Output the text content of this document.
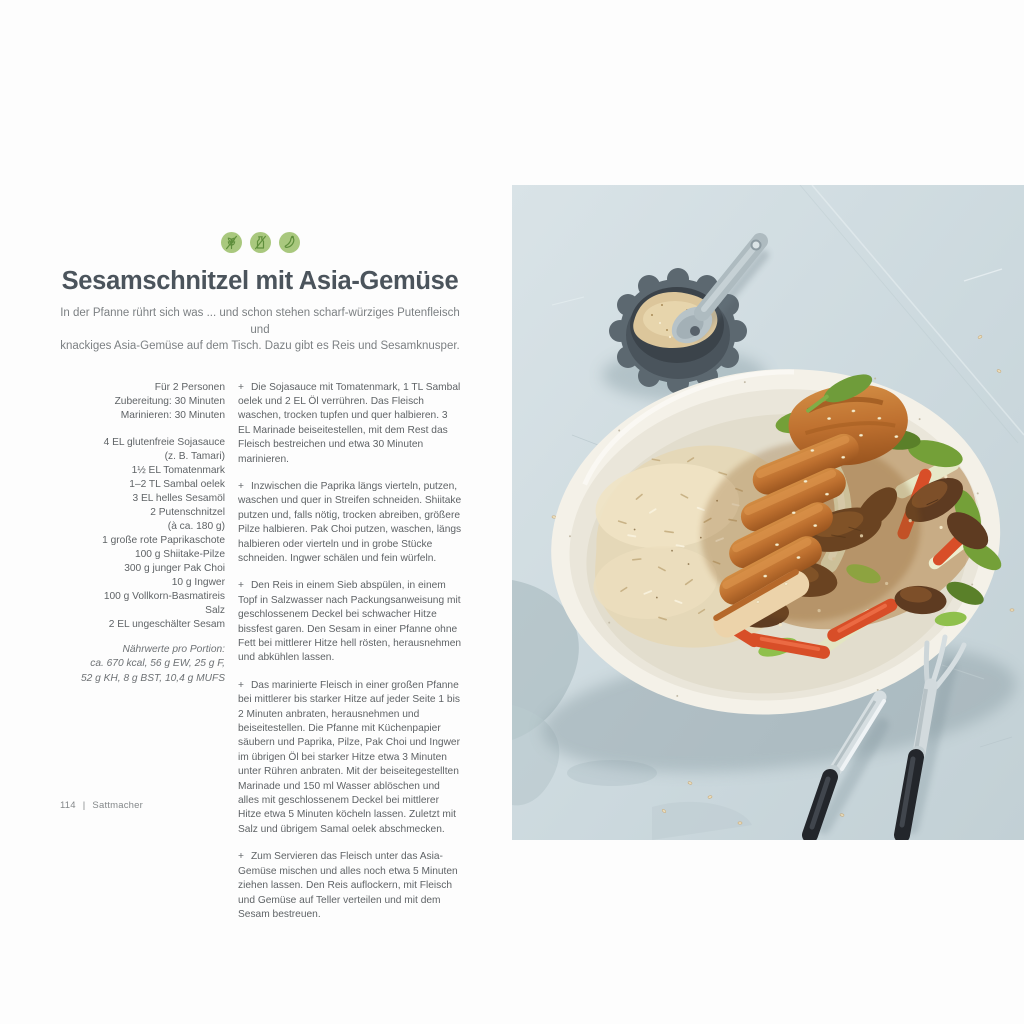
Sesamschnitzel mit Asia-Gemüse
In der Pfanne rührt sich was ... und schon stehen scharf-würziges Putenfleisch und
knackiges Asia-Gemüse auf dem Tisch. Dazu gibt es Reis und Sesamknusper.
Für 2 Personen
Zubereitung: 30 Minuten
Marinieren: 30 Minuten
4 EL glutenfreie Sojasauce
(z. B. Tamari)
1½ EL Tomatenmark
1–2 TL Sambal oelek
3 EL helles Sesamöl
2 Putenschnitzel
(à ca. 180 g)
1 große rote Paprikaschote
100 g Shiitake-Pilze
300 g junger Pak Choi
10 g Ingwer
100 g Vollkorn-Basmatireis
Salz
2 EL ungeschälter Sesam
Nährwerte pro Portion:
ca. 670 kcal, 56 g EW, 25 g F,
52 g KH, 8 g BST, 10,4 g MUFS

+ Die Sojasauce mit Tomatenmark, 1 TL Sambal oelek und 2 EL Öl verrühren. Das Fleisch waschen, trocken tupfen und quer halbieren. 3 EL Marinade beiseitestellen, mit dem Rest das Fleisch bestreichen und etwa 30 Minuten marinieren.

+ Inzwischen die Paprika längs vierteln, putzen, waschen und quer in Streifen schneiden. Shiitake putzen und, falls nötig, trocken abreiben, größere Pilze halbieren. Pak Choi putzen, waschen, längs halbieren oder vierteln und in grobe Stücke schneiden. Ingwer schälen und fein würfeln.

+ Den Reis in einem Sieb abspülen, in einem Topf in Salzwasser nach Packungsanweisung mit geschlossenem Deckel bei schwacher Hitze bissfest garen. Den Sesam in einer Pfanne ohne Fett bei mittlerer Hitze hell rösten, herausnehmen und abkühlen lassen.

+ Das marinierte Fleisch in einer großen Pfanne bei mittlerer bis starker Hitze auf jeder Seite 1 bis 2 Minuten anbraten, herausnehmen und beiseitestellen. Die Pfanne mit Küchenpapier säubern und Paprika, Pilze, Pak Choi und Ingwer im übrigen Öl bei starker Hitze etwa 3 Minuten unter Rühren anbraten. Mit der beiseitegestellten Marinade und 150 ml Wasser ablöschen und alles mit geschlossenem Deckel bei mittlerer Hitze etwa 5 Minuten köcheln lassen. Zuletzt mit Salz und übrigem Samal oelek abschmecken.

+ Zum Servieren das Fleisch unter das Asia-Gemüse mischen und alles noch etwa 5 Minuten ziehen lassen. Den Reis auflockern, mit Fleisch und Gemüse auf Teller verteilen und mit dem Sesam bestreuen.

114 | Sattmacher
